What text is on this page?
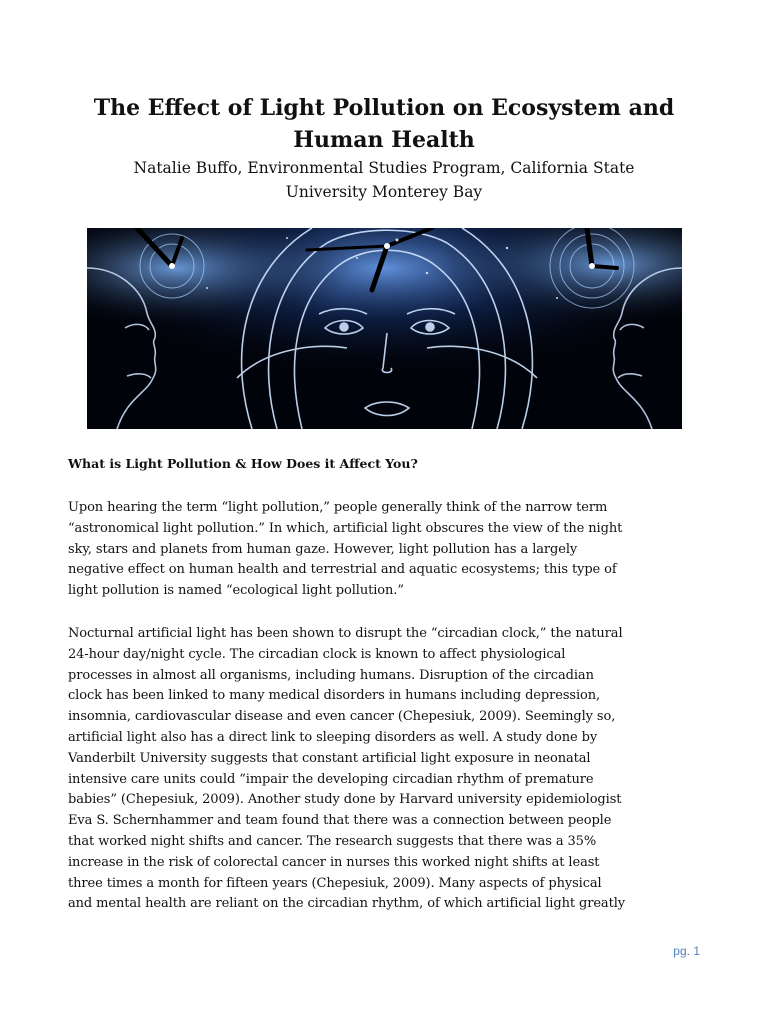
The Effect of Light Pollution on Ecosystem and
Human Health

Natalie Buffo, Environmental Studies Program, California State
University Monterey Bay

What is Light Pollution & How Does it Affect You?

Upon hearing the term “light pollution,” people generally think of the narrow term
“astronomical light pollution.” In which, artificial light obscures the view of the night
sky, stars and planets from human gaze. However, light pollution has a largely
negative effect on human health and terrestrial and aquatic ecosystems; this type of
light pollution is named “ecological light pollution.”

Nocturnal artificial light has been shown to disrupt the “circadian clock,” the natural
24-hour day/night cycle. The circadian clock is known to affect physiological
processes in almost all organisms, including humans. Disruption of the circadian
clock has been linked to many medical disorders in humans including depression,
insomnia, cardiovascular disease and even cancer (Chepesiuk, 2009). Seemingly so,
artificial light also has a direct link to sleeping disorders as well. A study done by
Vanderbilt University suggests that constant artificial light exposure in neonatal
intensive care units could “impair the developing circadian rhythm of premature
babies” (Chepesiuk, 2009). Another study done by Harvard university epidemiologist
Eva S. Schernhammer and team found that there was a connection between people
that worked night shifts and cancer. The research suggests that there was a 35%
increase in the risk of colorectal cancer in nurses this worked night shifts at least
three times a month for fifteen years (Chepesiuk, 2009). Many aspects of physical
and mental health are reliant on the circadian rhythm, of which artificial light greatly

pg. 1
